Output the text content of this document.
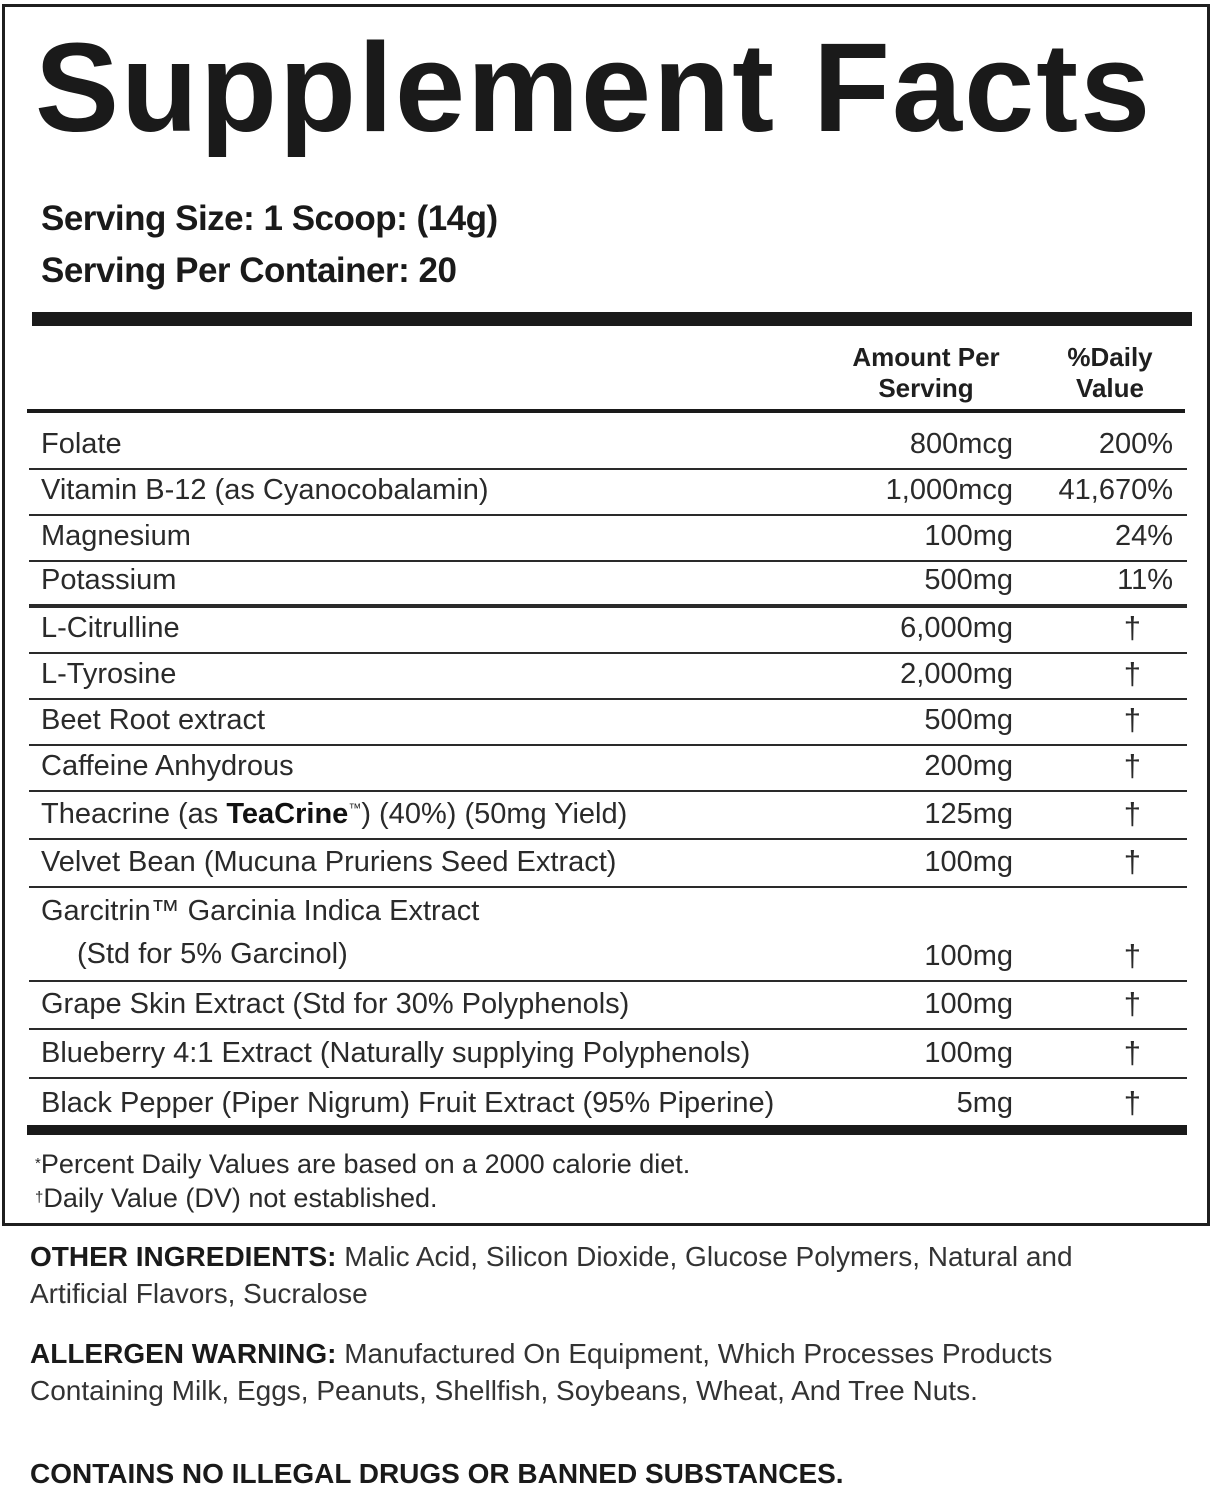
Supplement Facts

Serving Size: 1 Scoop: (14g)

Serving Per Container: 20

Amount Per
Serving
%Daily
Value
Folate	800mcg	200%
Vitamin B-12 (as Cyanocobalamin)	1,000mcg 41,670%
Magnesium	100mg	24%
Potassium	500mg	11%
L-Citrulline	6,000mg	†
L-Tyrosine	2,000mg	†
Beet Root extract	500mg	†
Caffeine Anhydrous	200mg	†
Theacrine (as TeaCrine™) (40%) (50mg Yield)	125mg	†
Velvet Bean (Mucuna Pruriens Seed Extract)	100mg	†
Garcitrin™ Garcinia Indica Extract
(Std for 5% Garcinol)	100mg	†
Grape Skin Extract (Std for 30% Polyphenols)	100mg	†
Blueberry 4:1 Extract (Naturally supplying Polyphenols)	100mg	†
Black Pepper (Piper Nigrum) Fruit Extract (95% Piperine)	5mg	†
*Percent Daily Values are based on a 2000 calorie diet.
†Daily Value (DV) not established.

OTHER INGREDIENTS: Malic Acid, Silicon Dioxide, Glucose Polymers, Natural and Artificial Flavors, Sucralose

ALLERGEN WARNING: Manufactured On Equipment, Which Processes Products Containing Milk, Eggs, Peanuts, Shellfish, Soybeans, Wheat, And Tree Nuts.

CONTAINS NO ILLEGAL DRUGS OR BANNED SUBSTANCES.
